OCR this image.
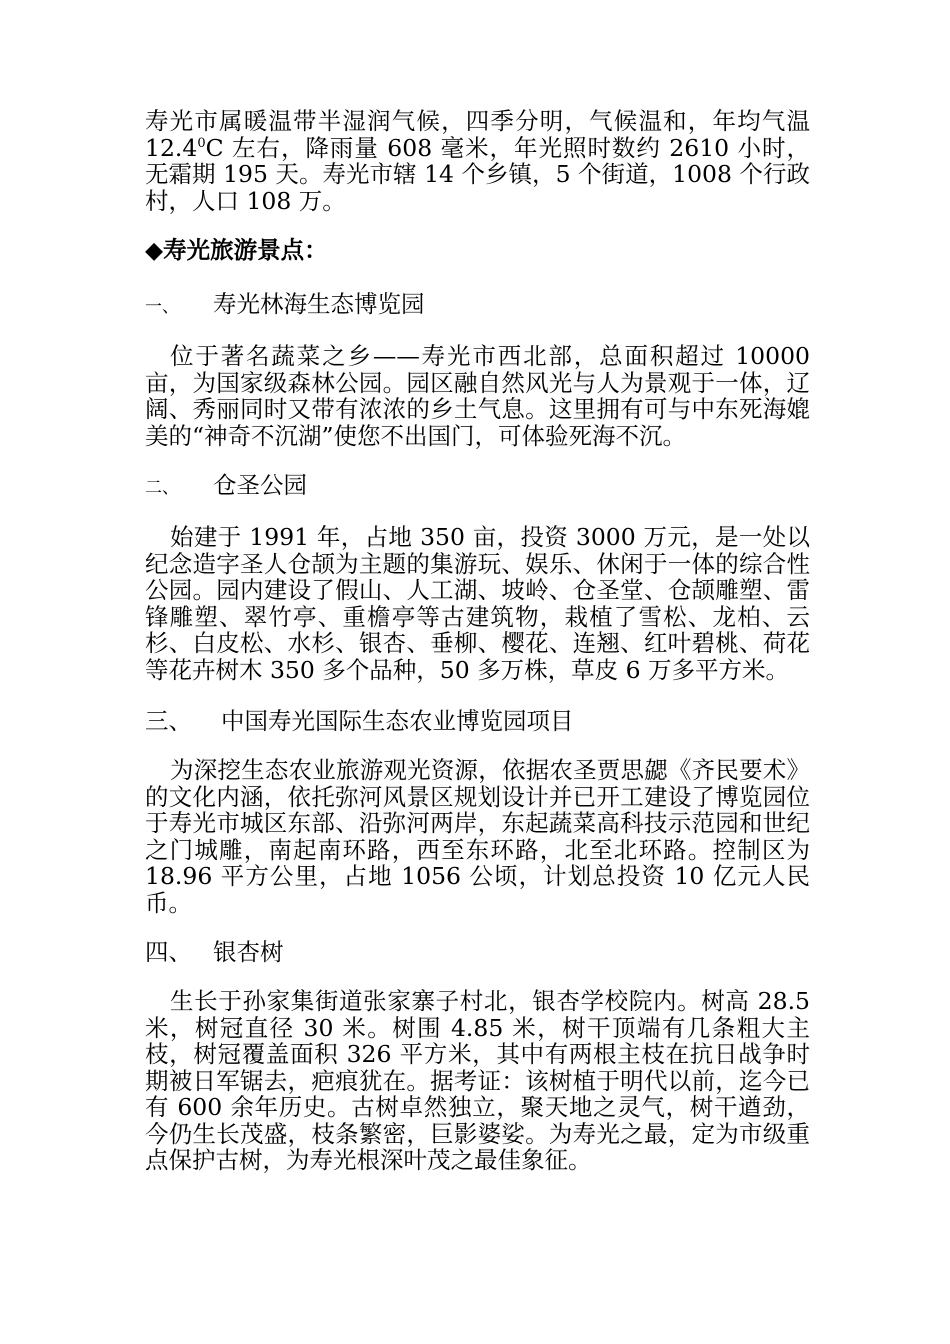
寿光市属暖温带半湿润气候，四季分明，气候温和，年均气温 12.4$^0$C 左右，降雨量 608 毫米，年光照时数约 2610 小时，无霜期 195 天。寿光市辖 14 个乡镇，5 个街道，1008 个行政村，人口 108 万。

◆寿光旅游景点：

一、 寿光林海生态博览园

位于著名蔬菜之乡——寿光市西北部，总面积超过 10000 亩，为国家级森林公园。园区融自然风光与人为景观于一体，辽阔、秀丽同时又带有浓浓的乡土气息。这里拥有可与中东死海媲美的“神奇不沉湖”使您不出国门，可体验死海不沉。

二、 仓圣公园

始建于 1991 年，占地 350 亩，投资 3000 万元，是一处以纪念造字圣人仓颉为主题的集游玩、娱乐、休闲于一体的综合性公园。园内建设了假山、人工湖、坡岭、仓圣堂、仓颉雕塑、雷锋雕塑、翠竹亭、重檐亭等古建筑物，栽植了雪松、龙柏、云杉、白皮松、水杉、银杏、垂柳、樱花、连翘、红叶碧桃、荷花等花卉树木 350 多个品种，50 多万株，草皮 6 万多平方米。

三、 中国寿光国际生态农业博览园项目

为深挖生态农业旅游观光资源，依据农圣贾思勰《齐民要术》的文化内涵，依托弥河风景区规划设计并已开工建设了博览园位于寿光市城区东部、沿弥河两岸，东起蔬菜高科技示范园和世纪之门城雕，南起南环路，西至东环路，北至北环路。控制区为 18.96 平方公里，占地 1056 公顷，计划总投资 10 亿元人民币。

四、 银杏树

生长于孙家集街道张家寨子村北，银杏学校院内。树高 28.5 米，树冠直径 30 米。树围 4.85 米，树干顶端有几条粗大主枝，树冠覆盖面积 326 平方米，其中有两根主枝在抗日战争时期被日军锯去，疤痕犹在。据考证：该树植于明代以前，迄今已有 600 余年历史。古树卓然独立，聚天地之灵气，树干遒劲，今仍生长茂盛，枝条繁密，巨影婆娑。为寿光之最，定为市级重点保护古树，为寿光根深叶茂之最佳象征。
